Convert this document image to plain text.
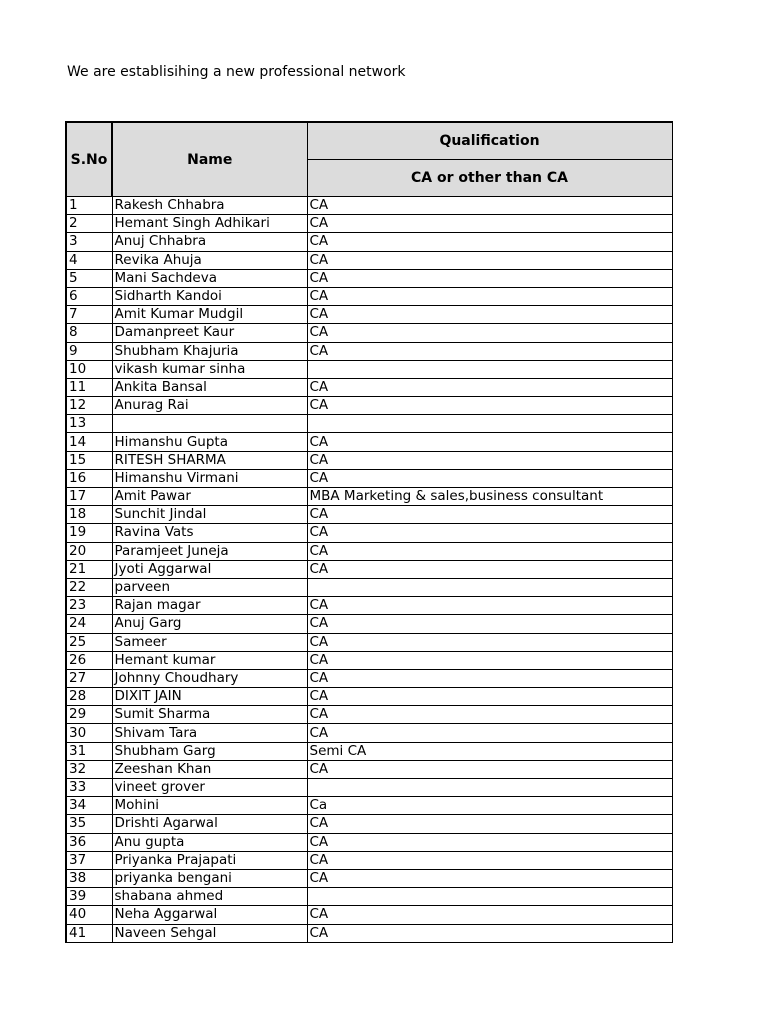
We are establisihing a new professional network
S.No	Name	Qualification
		CA or other than CA
1	Rakesh Chhabra	CA
2	Hemant Singh Adhikari	CA
3	Anuj Chhabra	CA
4	Revika Ahuja	CA
5	Mani Sachdeva	CA
6	Sidharth Kandoi	CA
7	Amit Kumar Mudgil	CA
8	Damanpreet Kaur	CA
9	Shubham Khajuria	CA
10	vikash kumar sinha	
11	Ankita Bansal	CA
12	Anurag Rai	CA
13		
14	Himanshu Gupta	CA
15	RITESH SHARMA	CA
16	Himanshu Virmani	CA
17	Amit Pawar	MBA Marketing & sales,business consultant
18	Sunchit Jindal	CA
19	Ravina Vats	CA
20	Paramjeet Juneja	CA
21	Jyoti Aggarwal	CA
22	parveen	
23	Rajan magar	CA
24	Anuj Garg	CA
25	Sameer	CA
26	Hemant kumar	CA
27	Johnny Choudhary	CA
28	DIXIT JAIN	CA
29	Sumit Sharma	CA
30	Shivam Tara	CA
31	Shubham Garg	Semi CA
32	Zeeshan Khan	CA
33	vineet grover	
34	Mohini	Ca
35	Drishti Agarwal	CA
36	Anu gupta	CA
37	Priyanka Prajapati	CA
38	priyanka bengani	CA
39	shabana ahmed	
40	Neha Aggarwal	CA
41	Naveen Sehgal	CA
